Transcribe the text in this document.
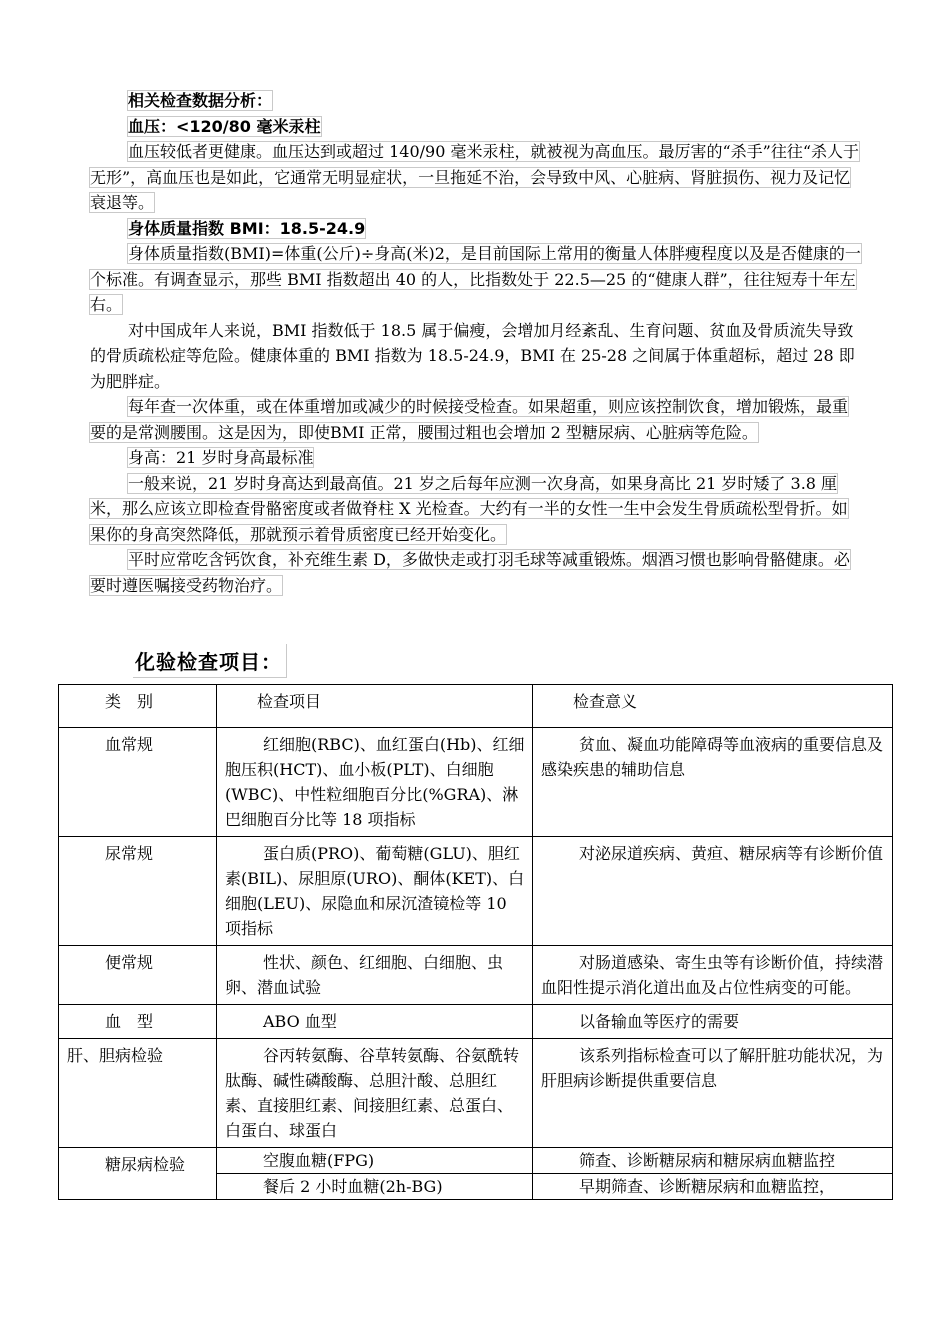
相关检查数据分析：

血压：<120/80 毫米汞柱

血压较低者更健康。血压达到或超过 140/90 毫米汞柱，就被视为高血压。最厉害的“杀手”往往“杀人于无形”，高血压也是如此，它通常无明显症状，一旦拖延不治，会导致中风、心脏病、肾脏损伤、视力及记忆衰退等。

身体质量指数 BMI：18.5-24.9

身体质量指数(BMI)=体重(公斤)÷身高(米)2，是目前国际上常用的衡量人体胖瘦程度以及是否健康的一个标准。有调查显示，那些 BMI 指数超出 40 的人，比指数处于 22.5—25 的“健康人群”，往往短寿十年左右。

对中国成年人来说，BMI 指数低于 18.5 属于偏瘦，会增加月经紊乱、生育问题、贫血及骨质流失导致的骨质疏松症等危险。健康体重的 BMI 指数为 18.5-24.9，BMI 在 25-28 之间属于体重超标，超过 28 即为肥胖症。

每年查一次体重，或在体重增加或减少的时候接受检查。如果超重，则应该控制饮食，增加锻炼，最重要的是常测腰围。这是因为，即使BMI 正常，腰围过粗也会增加 2 型糖尿病、心脏病等危险。

身高：21 岁时身高最标准

一般来说，21 岁时身高达到最高值。21 岁之后每年应测一次身高，如果身高比 21 岁时矮了 3.8 厘米，那么应该立即检查骨骼密度或者做脊柱 X 光检查。大约有一半的女性一生中会发生骨质疏松型骨折。如果你的身高突然降低，那就预示着骨质密度已经开始变化。

平时应常吃含钙饮食，补充维生素 D，多做快走或打羽毛球等减重锻炼。烟酒习惯也影响骨骼健康。必要时遵医嘱接受药物治疗。

化验检查项目：
类　别	检查项目	检查意义
血常规	红细胞(RBC)、血红蛋白(Hb)、红细胞压积(HCT)、血小板(PLT)、白细胞(WBC)、中性粒细胞百分比(%GRA)、淋巴细胞百分比等 18 项指标	贫血、凝血功能障碍等血液病的重要信息及感染疾患的辅助信息
尿常规	蛋白质(PRO)、葡萄糖(GLU)、胆红素(BIL)、尿胆原(URO)、酮体(KET)、白细胞(LEU)、尿隐血和尿沉渣镜检等 10 项指标	对泌尿道疾病、黄疸、糖尿病等有诊断价值
便常规	性状、颜色、红细胞、白细胞、虫卵、潜血试验	对肠道感染、寄生虫等有诊断价值，持续潜血阳性提示消化道出血及占位性病变的可能。
血　型	ABO 血型	以备输血等医疗的需要
肝、胆病检验	谷丙转氨酶、谷草转氨酶、谷氨酰转肽酶、碱性磷酸酶、总胆汁酸、总胆红素、直接胆红素、间接胆红素、总蛋白、白蛋白、球蛋白	该系列指标检查可以了解肝脏功能状况，为肝胆病诊断提供重要信息
糖尿病检验	空腹血糖(FPG)	筛查、诊断糖尿病和糖尿病血糖监控
	餐后 2 小时血糖(2h-BG)	早期筛查、诊断糖尿病和血糖监控，
